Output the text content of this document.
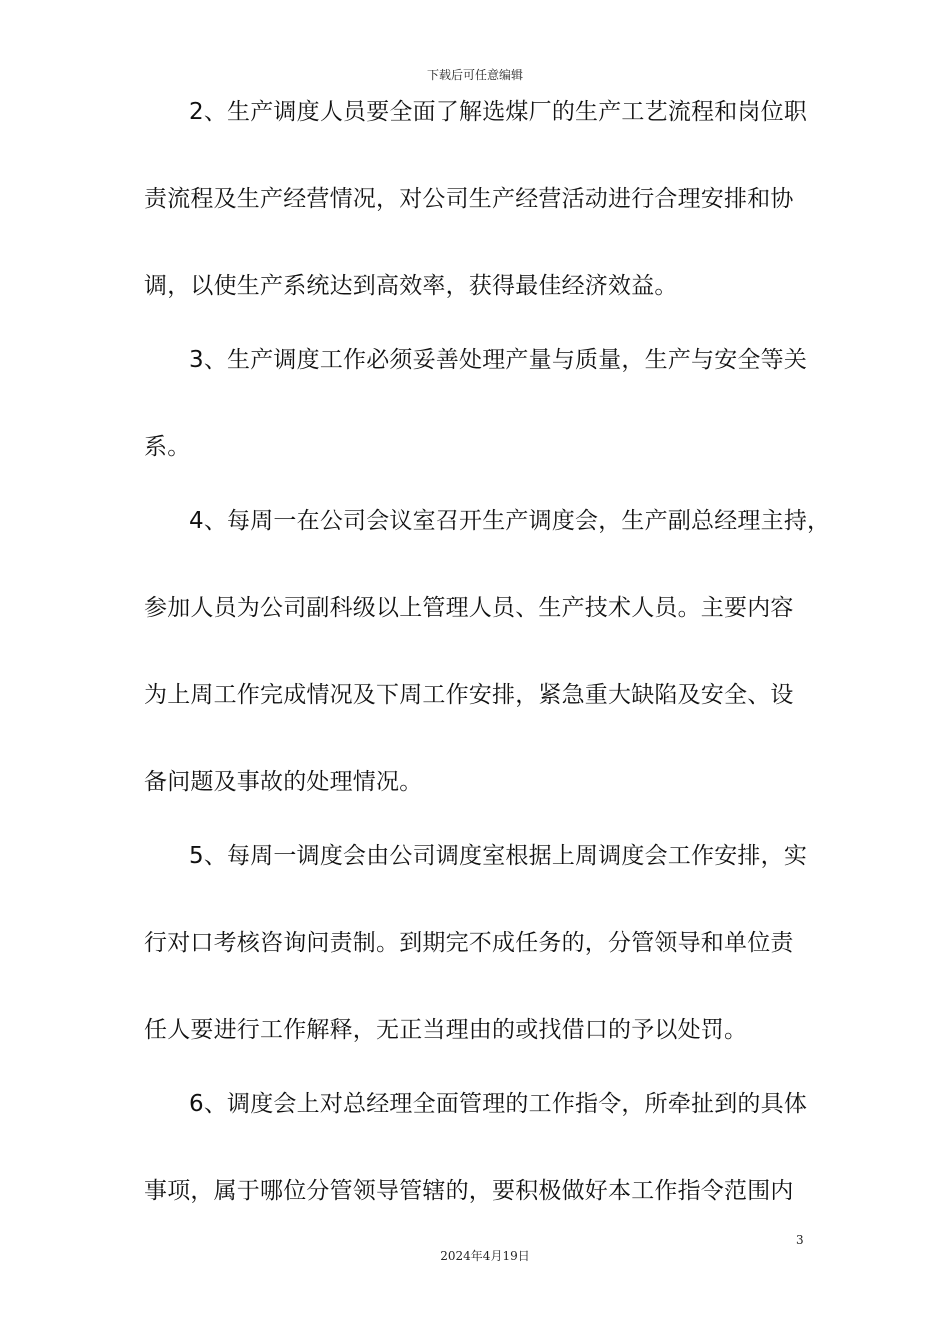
下载后可任意编辑
2、生产调度人员要全面了解选煤厂的生产工艺流程和岗位职
责流程及生产经营情况，对公司生产经营活动进行合理安排和协
调，以使生产系统达到高效率，获得最佳经济效益。
3、生产调度工作必须妥善处理产量与质量，生产与安全等关
系。
4、每周一在公司会议室召开生产调度会，生产副总经理主持，
参加人员为公司副科级以上管理人员、生产技术人员。主要内容
为上周工作完成情况及下周工作安排，紧急重大缺陷及安全、设
备问题及事故的处理情况。
5、每周一调度会由公司调度室根据上周调度会工作安排，实
行对口考核咨询问责制。到期完不成任务的，分管领导和单位责
任人要进行工作解释，无正当理由的或找借口的予以处罚。
6、调度会上对总经理全面管理的工作指令，所牵扯到的具体
事项，属于哪位分管领导管辖的，要积极做好本工作指令范围内
3
2024年4月19日
